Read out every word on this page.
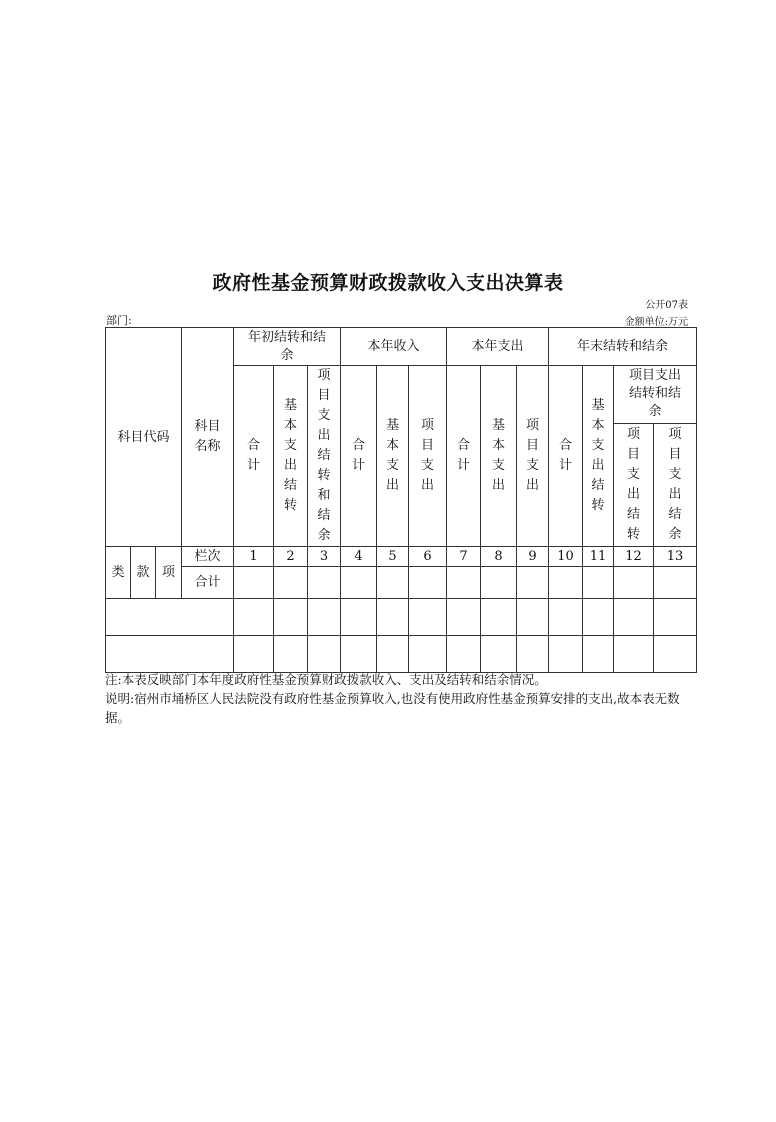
政府性基金预算财政拨款收入支出决算表
公开07表
部门:	金额单位:万元
科目代码			科目名称	年初结转和结余			本年收入			本年支出			年末结转和结余			
				合计	基本支出结转	项目支出结转和结余	合计	基本支出	项目支出	合计	基本支出	项目支出	合计	基本支出结转	项目支出结转和结余	
															项目支出结转	项目支出结余
类	款	项	栏次	1	2	3	4	5	6	7	8	9	10	11	12	13
			合计													

注:本表反映部门本年度政府性基金预算财政拨款收入、支出及结转和结余情况。

说明:宿州市埇桥区人民法院没有政府性基金预算收入,也没有使用政府性基金预算安排的支出,故本表无数据。
